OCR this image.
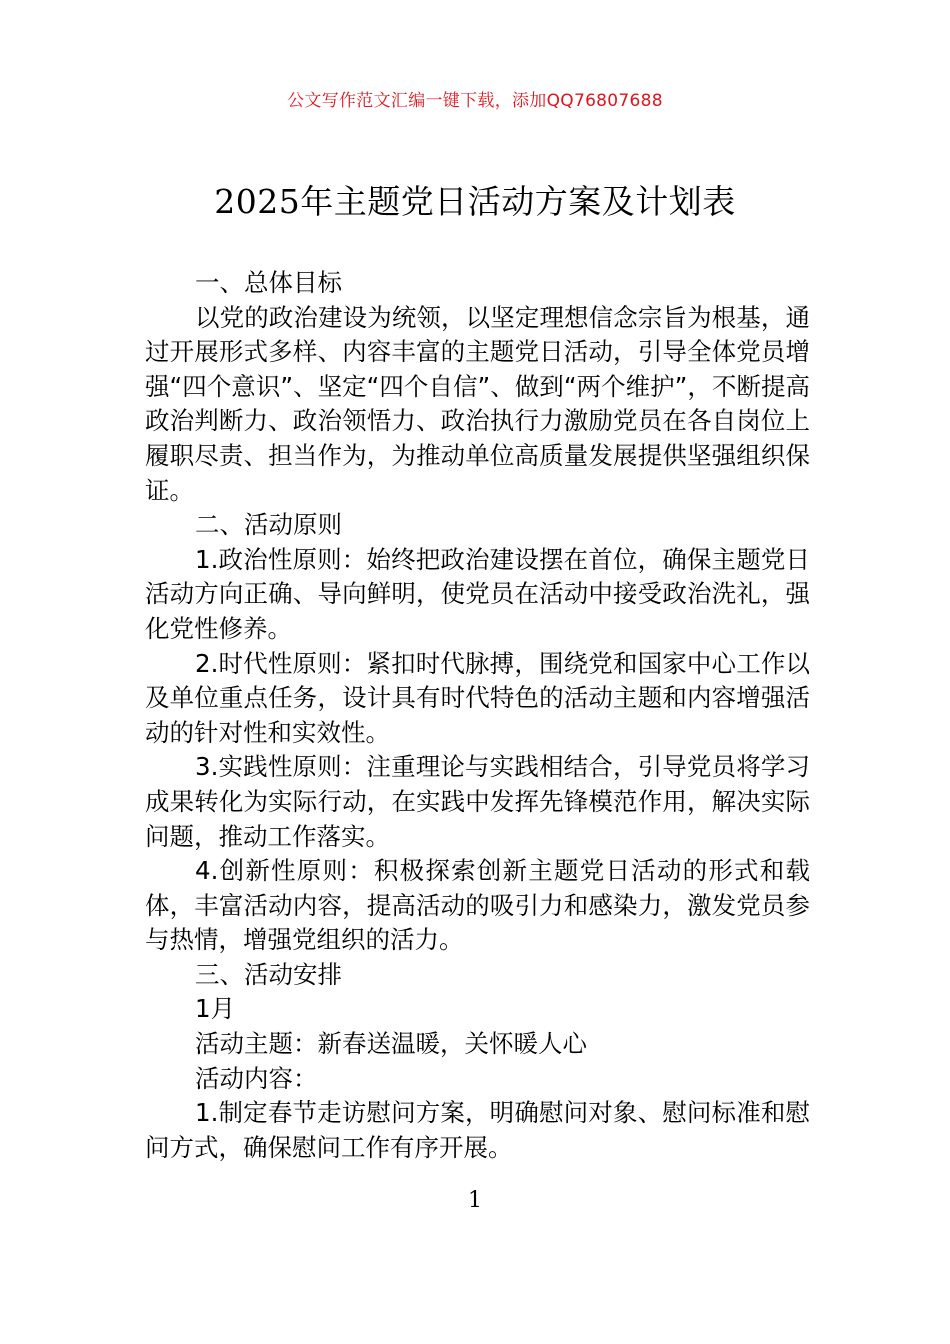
公文写作范文汇编一键下载，添加QQ76807688
2025年主题党日活动方案及计划表

一、总体目标

以党的政治建设为统领，以坚定理想信念宗旨为根基，通过开展形式多样、内容丰富的主题党日活动，引导全体党员增强“四个意识”、坚定“四个自信”、做到“两个维护”，不断提高政治判断力、政治领悟力、政治执行力激励党员在各自岗位上履职尽责、担当作为，为推动单位高质量发展提供坚强组织保证。

二、活动原则

1.政治性原则：始终把政治建设摆在首位，确保主题党日活动方向正确、导向鲜明，使党员在活动中接受政治洗礼，强化党性修养。

2.时代性原则：紧扣时代脉搏，围绕党和国家中心工作以及单位重点任务，设计具有时代特色的活动主题和内容增强活动的针对性和实效性。

3.实践性原则：注重理论与实践相结合，引导党员将学习成果转化为实际行动，在实践中发挥先锋模范作用，解决实际问题，推动工作落实。

4.创新性原则：积极探索创新主题党日活动的形式和载体，丰富活动内容，提高活动的吸引力和感染力，激发党员参与热情，增强党组织的活力。

三、活动安排

1月

活动主题：新春送温暖，关怀暖人心

活动内容：

1.制定春节走访慰问方案，明确慰问对象、慰问标准和慰问方式，确保慰问工作有序开展。

1
